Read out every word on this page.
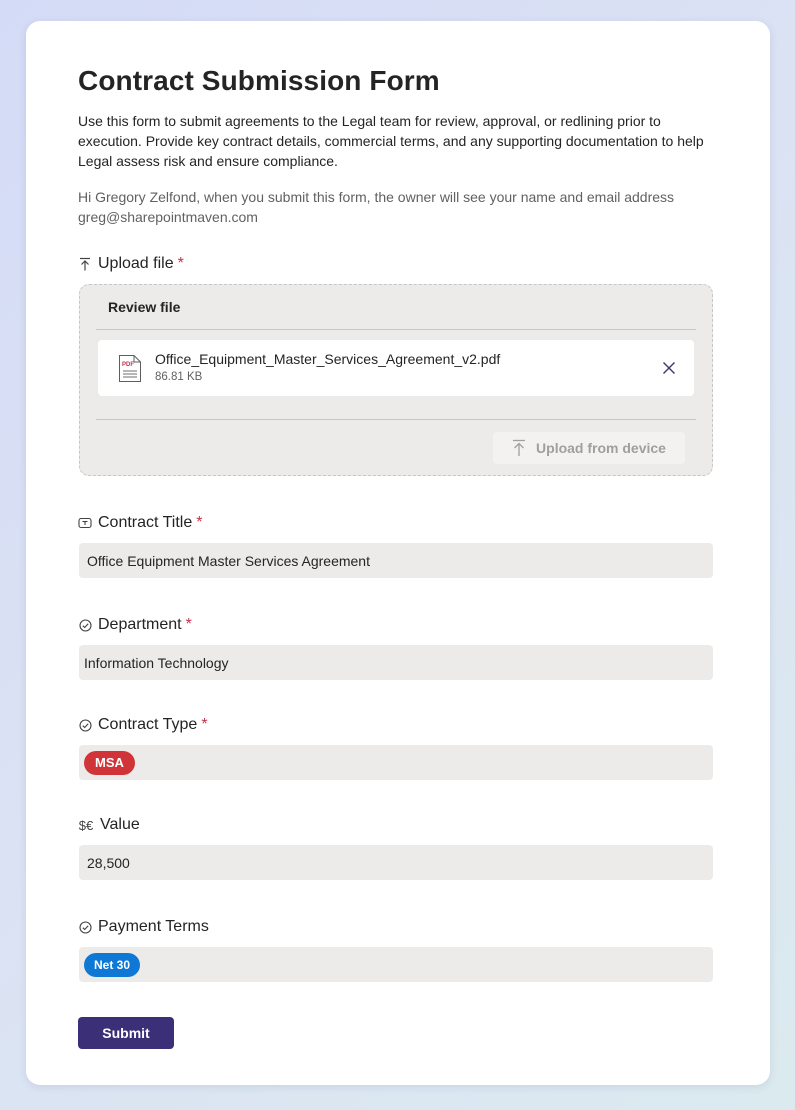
Contract Submission Form

Use this form to submit agreements to the Legal team for review, approval, or redlining prior to execution. Provide key contract details, commercial terms, and any supporting documentation to help Legal assess risk and ensure compliance.

Hi Gregory Zelfond, when you submit this form, the owner will see your name and email address
greg@sharepointmaven.com
Upload file *
Review file
PDF Office_Equipment_Master_Services_Agreement_v2.pdf
86.81 KB
Upload from device
Contract Title *
Office Equipment Master Services Agreement
Department *
Information Technology
Contract Type *
MSA
$€ Value
28,500
Payment Terms
Net 30
Submit
